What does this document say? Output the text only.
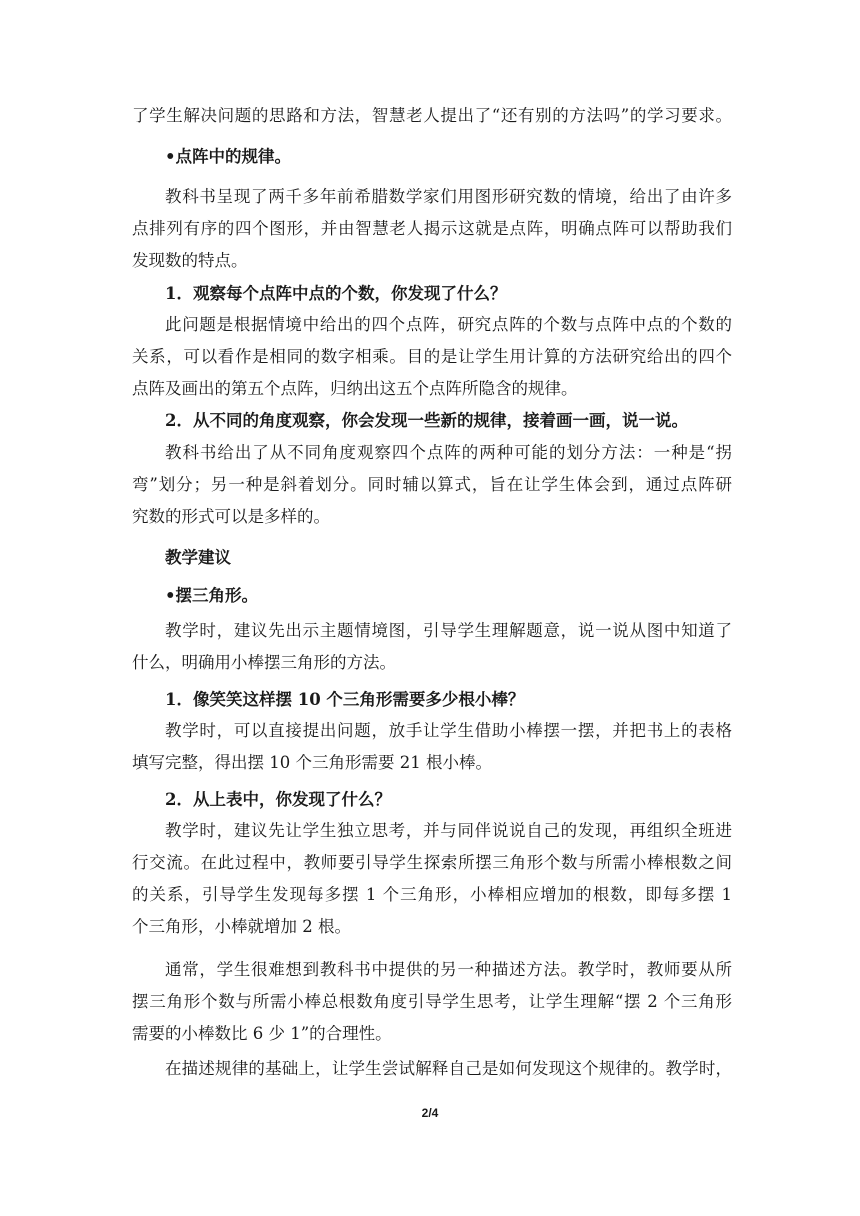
了学生解决问题的思路和方法，智慧老人提出了“还有别的方法吗”的学习要求。
•点阵中的规律。
教科书呈现了两千多年前希腊数学家们用图形研究数的情境，给出了由许多
点排列有序的四个图形，并由智慧老人揭示这就是点阵，明确点阵可以帮助我们
发现数的特点。
1．观察每个点阵中点的个数，你发现了什么？
此问题是根据情境中给出的四个点阵，研究点阵的个数与点阵中点的个数的
关系，可以看作是相同的数字相乘。目的是让学生用计算的方法研究给出的四个
点阵及画出的第五个点阵，归纳出这五个点阵所隐含的规律。
2．从不同的角度观察，你会发现一些新的规律，接着画一画，说一说。
教科书给出了从不同角度观察四个点阵的两种可能的划分方法：一种是“拐
弯”划分；另一种是斜着划分。同时辅以算式，旨在让学生体会到，通过点阵研
究数的形式可以是多样的。
教学建议
•摆三角形。
教学时，建议先出示主题情境图，引导学生理解题意，说一说从图中知道了
什么，明确用小棒摆三角形的方法。
1．像笑笑这样摆 10 个三角形需要多少根小棒？
教学时，可以直接提出问题，放手让学生借助小棒摆一摆，并把书上的表格
填写完整，得出摆 10 个三角形需要 21 根小棒。
2．从上表中，你发现了什么？
教学时，建议先让学生独立思考，并与同伴说说自己的发现，再组织全班进
行交流。在此过程中，教师要引导学生探索所摆三角形个数与所需小棒根数之间
的关系，引导学生发现每多摆 1 个三角形，小棒相应增加的根数，即每多摆 1
个三角形，小棒就增加 2 根。
通常，学生很难想到教科书中提供的另一种描述方法。教学时，教师要从所
摆三角形个数与所需小棒总根数角度引导学生思考，让学生理解“摆 2 个三角形
需要的小棒数比 6 少 1”的合理性。
在描述规律的基础上，让学生尝试解释自己是如何发现这个规律的。教学时，
2/4
